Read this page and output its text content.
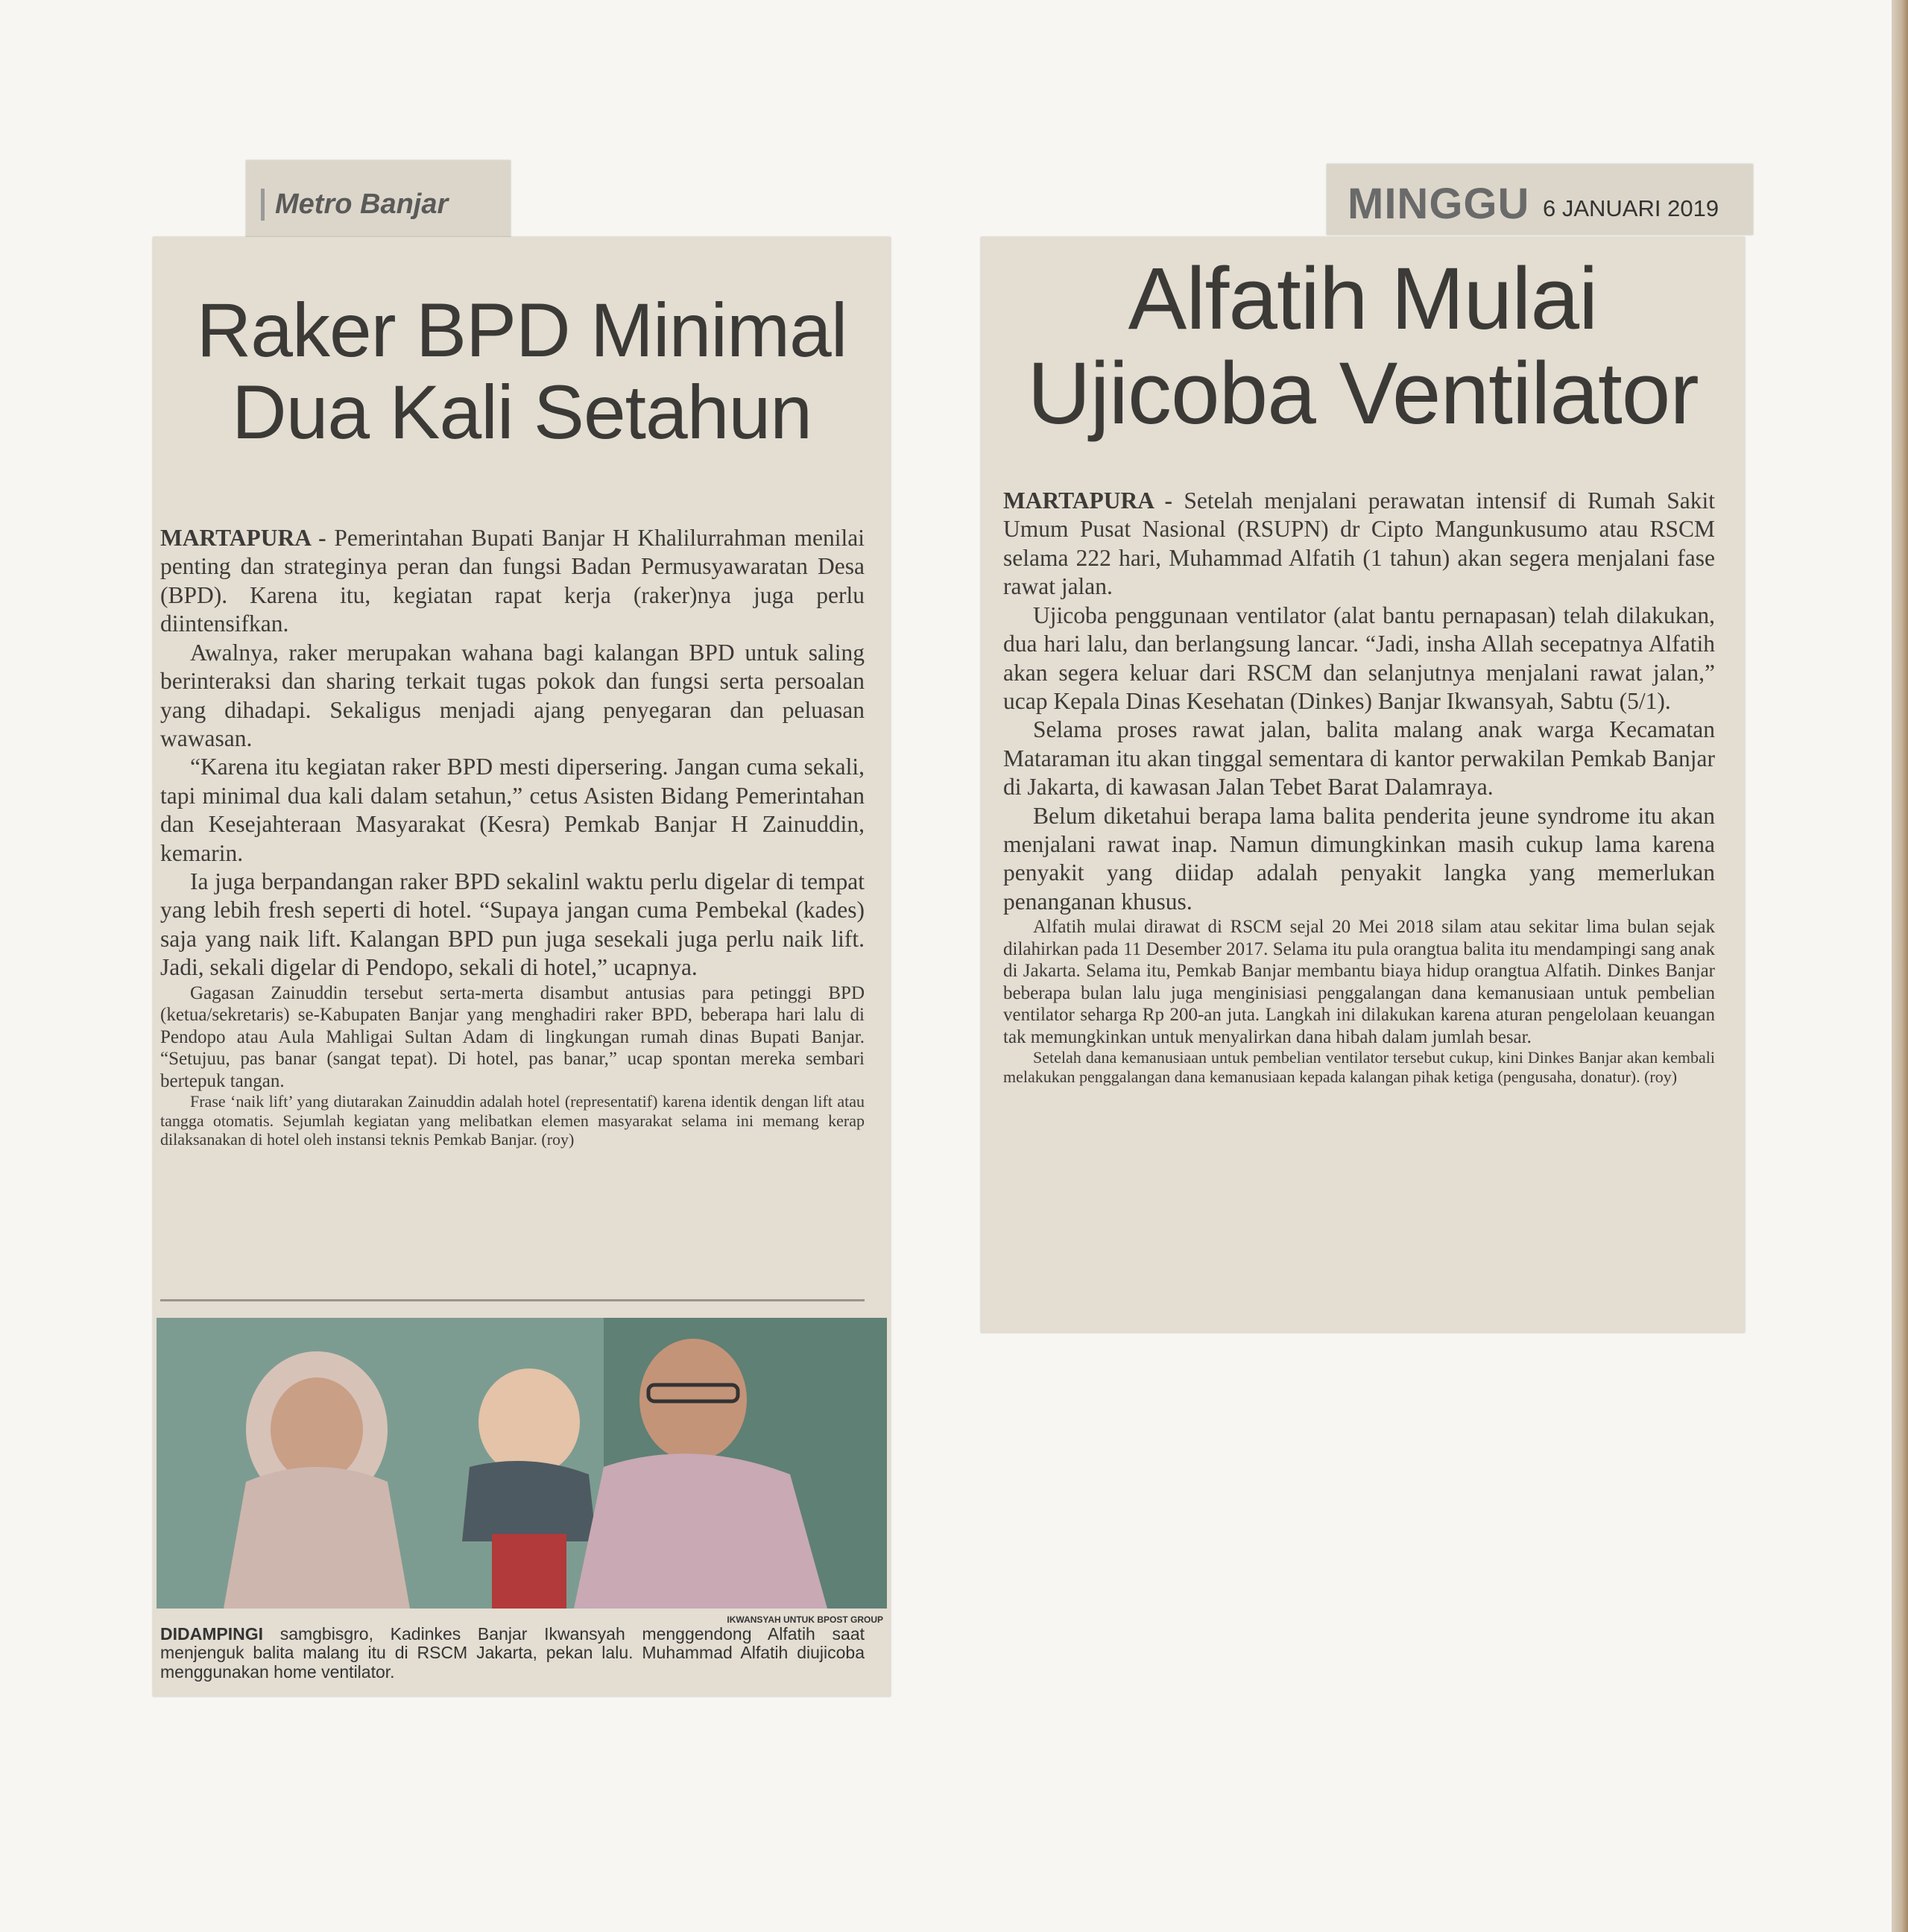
Metro Banjar
Raker BPD Minimal
Dua Kali Setahun

MARTAPURA - Pemerintahan Bupati Banjar H Khalilurrahman menilai penting dan strateginya peran dan fungsi Badan Permusyawaratan Desa (BPD). Karena itu, kegiatan rapat kerja (raker)nya juga perlu diintensifkan.

Awalnya, raker merupakan wahana bagi kalangan BPD untuk saling berinteraksi dan sharing terkait tugas pokok dan fungsi serta persoalan yang dihadapi. Sekaligus menjadi ajang penyegaran dan peluasan wawasan.

“Karena itu kegiatan raker BPD mesti dipersering. Jangan cuma sekali, tapi minimal dua kali dalam setahun,” cetus Asisten Bidang Pemerintahan dan Kesejahteraan Masyarakat (Kesra) Pemkab Banjar H Zainuddin, kemarin.

Ia juga berpandangan raker BPD sekalinl waktu perlu digelar di tempat yang lebih fresh seperti di hotel. “Supaya jangan cuma Pembekal (kades) saja yang naik lift. Kalangan BPD pun juga sesekali juga perlu naik lift. Jadi, sekali digelar di Pendopo, sekali di hotel,” ucapnya.

Gagasan Zainuddin tersebut serta-merta disambut antusias para petinggi BPD (ketua/sekretaris) se-Kabupaten Banjar yang menghadiri raker BPD, beberapa hari lalu di Pendopo atau Aula Mahligai Sultan Adam di lingkungan rumah dinas Bupati Banjar. “Setujuu, pas banar (sangat tepat). Di hotel, pas banar,” ucap spontan mereka sembari bertepuk tangan.

Frase ‘naik lift’ yang diutarakan Zainuddin adalah hotel (representatif) karena identik dengan lift atau tangga otomatis. Sejumlah kegiatan yang melibatkan elemen masyarakat selama ini memang kerap dilaksanakan di hotel oleh instansi teknis Pemkab Banjar. (roy)

IKWANSYAH UNTUK BPOST GROUP
DIDAMPINGI samgbisgro, Kadinkes Banjar Ikwansyah menggendong Alfatih saat menjenguk balita malang itu di RSCM Jakarta, pekan lalu. Muhammad Alfatih diujicoba menggunakan home ventilator.
MINGGU 6 JANUARI 2019
Alfatih Mulai
Ujicoba Ventilator

MARTAPURA - Setelah menjalani perawatan intensif di Rumah Sakit Umum Pusat Nasional (RSUPN) dr Cipto Mangunkusumo atau RSCM selama 222 hari, Muhammad Alfatih (1 tahun) akan segera menjalani fase rawat jalan.

Ujicoba penggunaan ventilator (alat bantu pernapasan) telah dilakukan, dua hari lalu, dan berlangsung lancar. “Jadi, insha Allah secepatnya Alfatih akan segera keluar dari RSCM dan selanjutnya menjalani rawat jalan,” ucap Kepala Dinas Kesehatan (Dinkes) Banjar Ikwansyah, Sabtu (5/1).

Selama proses rawat jalan, balita malang anak warga Kecamatan Mataraman itu akan tinggal sementara di kantor perwakilan Pemkab Banjar di Jakarta, di kawasan Jalan Tebet Barat Dalamraya.

Belum diketahui berapa lama balita penderita jeune syndrome itu akan menjalani rawat inap. Namun dimungkinkan masih cukup lama karena penyakit yang diidap adalah penyakit langka yang memerlukan penanganan khusus.

Alfatih mulai dirawat di RSCM sejal 20 Mei 2018 silam atau sekitar lima bulan sejak dilahirkan pada 11 Desember 2017. Selama itu pula orangtua balita itu mendampingi sang anak di Jakarta. Selama itu, Pemkab Banjar membantu biaya hidup orangtua Alfatih. Dinkes Banjar beberapa bulan lalu juga menginisiasi penggalangan dana kemanusiaan untuk pembelian ventilator seharga Rp 200-an juta. Langkah ini dilakukan karena aturan pengelolaan keuangan tak memungkinkan untuk menyalirkan dana hibah dalam jumlah besar.

Setelah dana kemanusiaan untuk pembelian ventilator tersebut cukup, kini Dinkes Banjar akan kembali melakukan penggalangan dana kemanusiaan kepada kalangan pihak ketiga (pengusaha, donatur). (roy)
